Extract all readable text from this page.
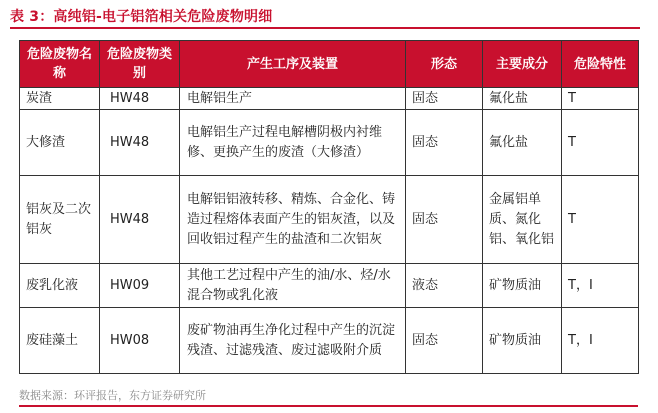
表 3：高纯铝-电子铝箔相关危险废物明细
危险废物名称	危险废物类别	产生工序及装置	形态	主要成分	危险特性
炭渣	HW48	电解铝生产	固态	氟化盐	T
大修渣	HW48	电解铝生产过程电解槽阴极内衬维修、更换产生的废渣（大修渣）	固态	氟化盐	T
铝灰及二次铝灰	HW48	电解铝铝液转移、精炼、合金化、铸造过程熔体表面产生的铝灰渣，以及回收铝过程产生的盐渣和二次铝灰	固态	金属铝单质、氮化铝、氧化铝	T
废乳化液	HW09	其他工艺过程中产生的油/水、烃/水混合物或乳化液	液态	矿物质油	T，I
废硅藻土	HW08	废矿物油再生净化过程中产生的沉淀残渣、过滤残渣、废过滤吸附介质	固态	矿物质油	T，I
数据来源：环评报告，东方证券研究所
